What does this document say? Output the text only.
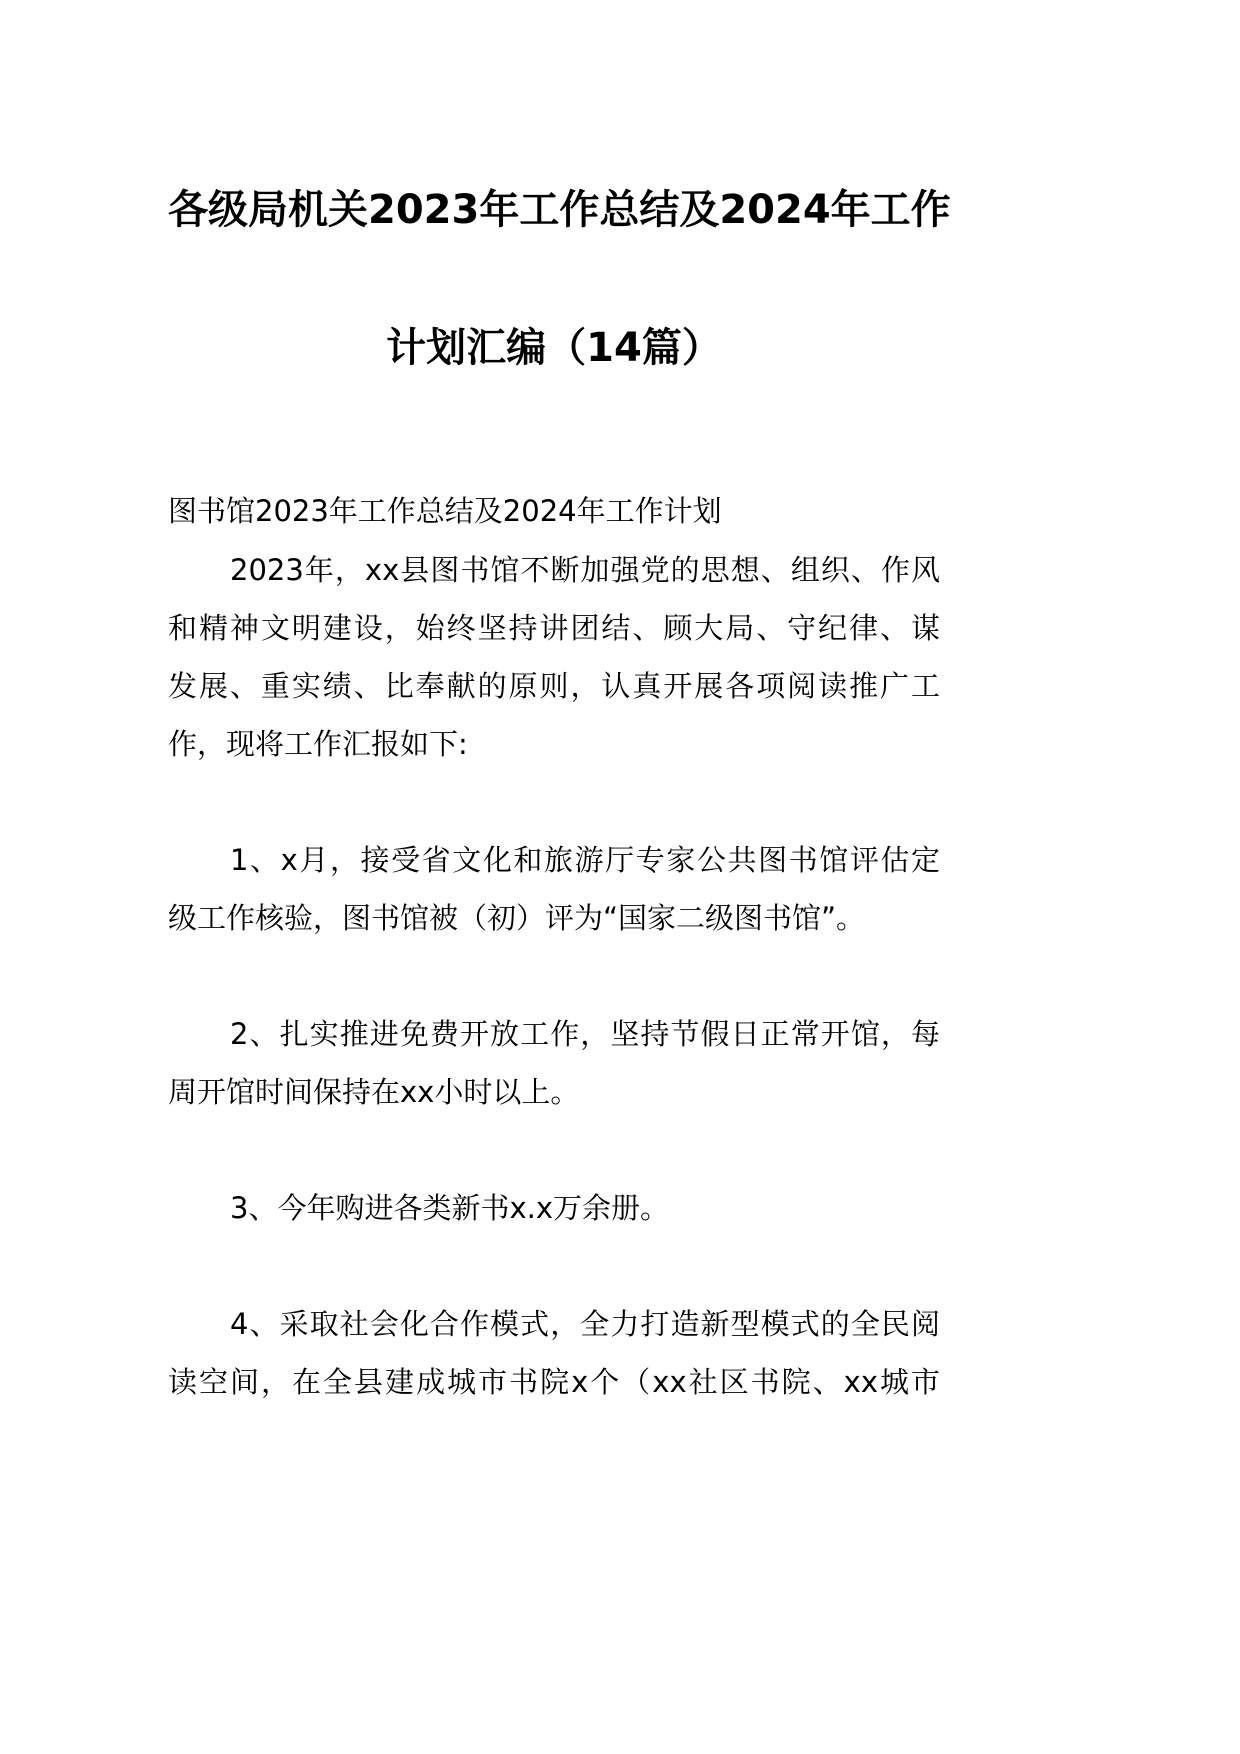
各级局机关2023年工作总结及2024年工作
计划汇编（14篇）
图书馆2023年工作总结及2024年工作计划
2023年，xx县图书馆不断加强党的思想、组织、作风
和精神文明建设，始终坚持讲团结、顾大局、守纪律、谋
发展、重实绩、比奉献的原则，认真开展各项阅读推广工
作，现将工作汇报如下:
1、x月，接受省文化和旅游厅专家公共图书馆评估定
级工作核验，图书馆被（初）评为“国家二级图书馆”。
2、扎实推进免费开放工作，坚持节假日正常开馆，每
周开馆时间保持在xx小时以上。
3、今年购进各类新书x.x万余册。
4、采取社会化合作模式，全力打造新型模式的全民阅
读空间，在全县建成城市书院x个（xx社区书院、xx城市
